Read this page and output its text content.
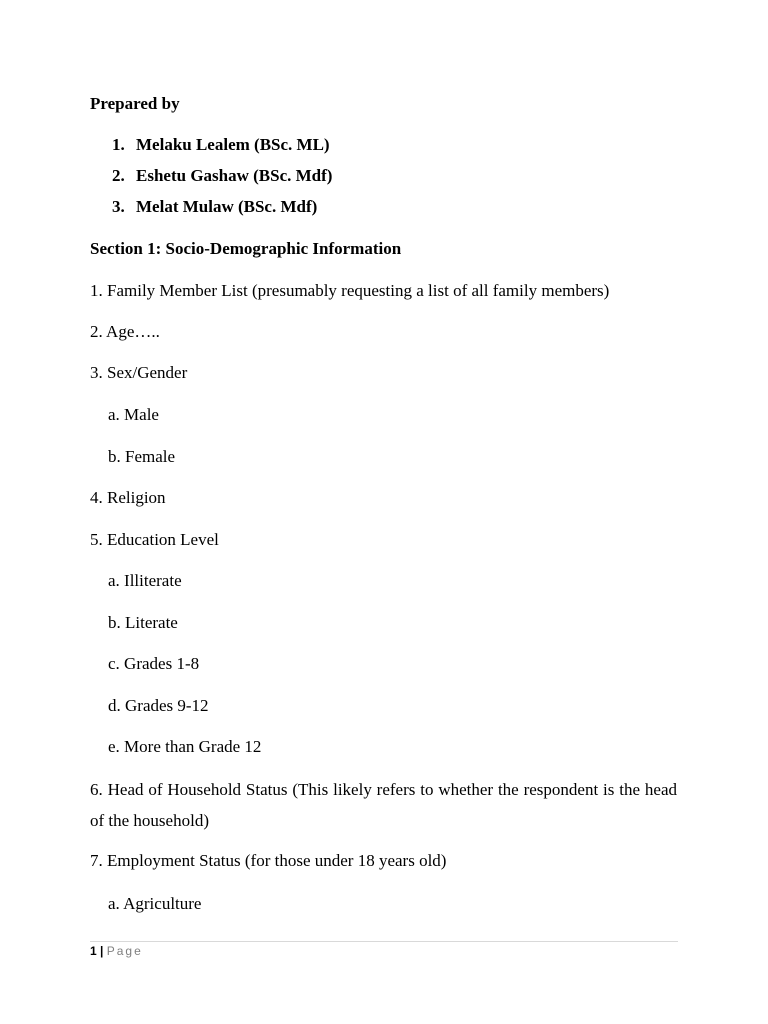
Prepared by
1. Melaku Lealem (BSc. ML)
2. Eshetu Gashaw (BSc. Mdf)
3. Melat Mulaw (BSc. Mdf)
Section 1: Socio-Demographic Information
1. Family Member List (presumably requesting a list of all family members)
2. Age…..
3. Sex/Gender
a. Male
b. Female
4. Religion
5. Education Level
a. Illiterate
b. Literate
c. Grades 1-8
d. Grades 9-12
e. More than Grade 12
6. Head of Household Status (This likely refers to whether the respondent is the head of the household)
7. Employment Status (for those under 18 years old)
a. Agriculture
1 | Page
